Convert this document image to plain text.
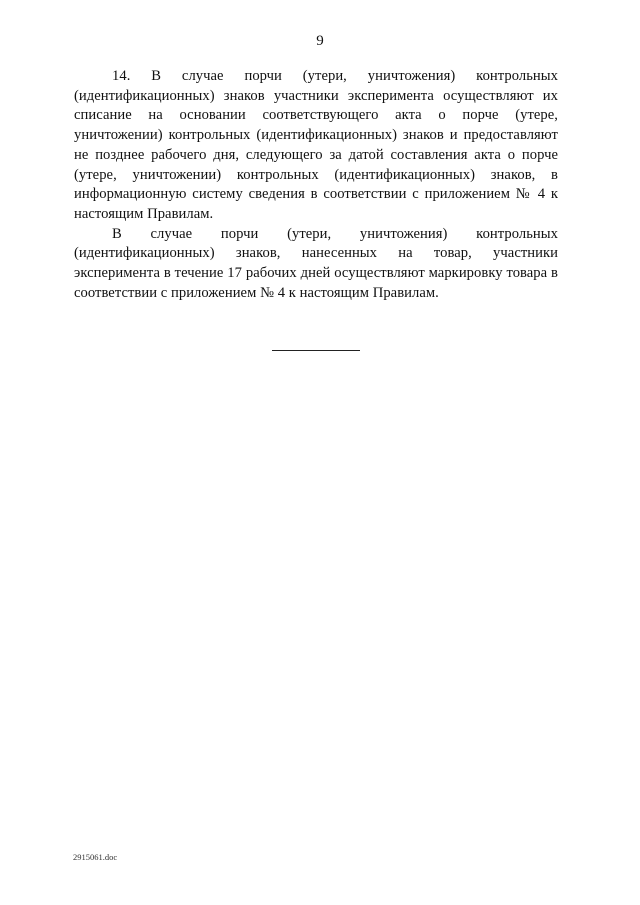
9

14. В случае порчи (утери, уничтожения) контрольных (идентификационных) знаков участники эксперимента осуществляют их списание на основании соответствующего акта о порче (утере, уничтожении) контрольных (идентификационных) знаков и предоставляют не позднее рабочего дня, следующего за датой составления акта о порче (утере, уничтожении) контрольных (идентификационных) знаков, в информационную систему сведения в соответствии с приложением № 4 к настоящим Правилам.

В случае порчи (утери, уничтожения) контрольных (идентификационных) знаков, нанесенных на товар, участники эксперимента в течение 17 рабочих дней осуществляют маркировку товара в соответствии с приложением № 4 к настоящим Правилам.

2915061.doc
